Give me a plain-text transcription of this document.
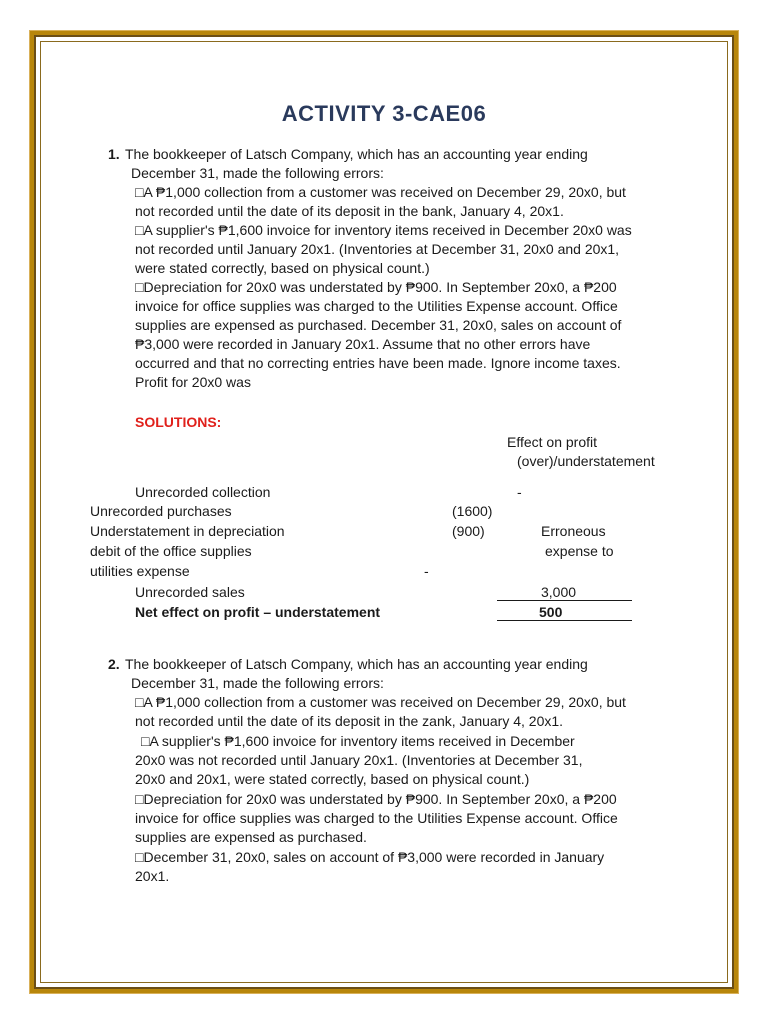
ACTIVITY 3-CAE06
1. The bookkeeper of Latsch Company, which has an accounting year ending
December 31, made the following errors:
□A ₱1,000 collection from a customer was received on December 29, 20x0, but
not recorded until the date of its deposit in the bank, January 4, 20x1.
□A supplier's ₱1,600 invoice for inventory items received in December 20x0 was
not recorded until January 20x1. (Inventories at December 31, 20x0 and 20x1,
were stated correctly, based on physical count.)
□Depreciation for 20x0 was understated by ₱900. In September 20x0, a ₱200
invoice for office supplies was charged to the Utilities Expense account. Office
supplies are expensed as purchased. December 31, 20x0, sales on account of
₱3,000 were recorded in January 20x1. Assume that no other errors have
occurred and that no correcting entries have been made. Ignore income taxes.
Profit for 20x0 was
SOLUTIONS:
Effect on profit
(over)/understatement
Unrecorded collection	-
Unrecorded purchases	(1600)
Understatement in depreciation	(900)	Erroneous
debit of the office supplies	expense to
utilities expense	-
Unrecorded sales	3,000
Net effect on profit – understatement	500
2. The bookkeeper of Latsch Company, which has an accounting year ending
December 31, made the following errors:
□A ₱1,000 collection from a customer was received on December 29, 20x0, but
not recorded until the date of its deposit in the zank, January 4, 20x1.
□A supplier's ₱1,600 invoice for inventory items received in December
20x0 was not recorded until January 20x1. (Inventories at December 31,
20x0 and 20x1, were stated correctly, based on physical count.)
□Depreciation for 20x0 was understated by ₱900. In September 20x0, a ₱200
invoice for office supplies was charged to the Utilities Expense account. Office
supplies are expensed as purchased.
□December 31, 20x0, sales on account of ₱3,000 were recorded in January
20x1.
